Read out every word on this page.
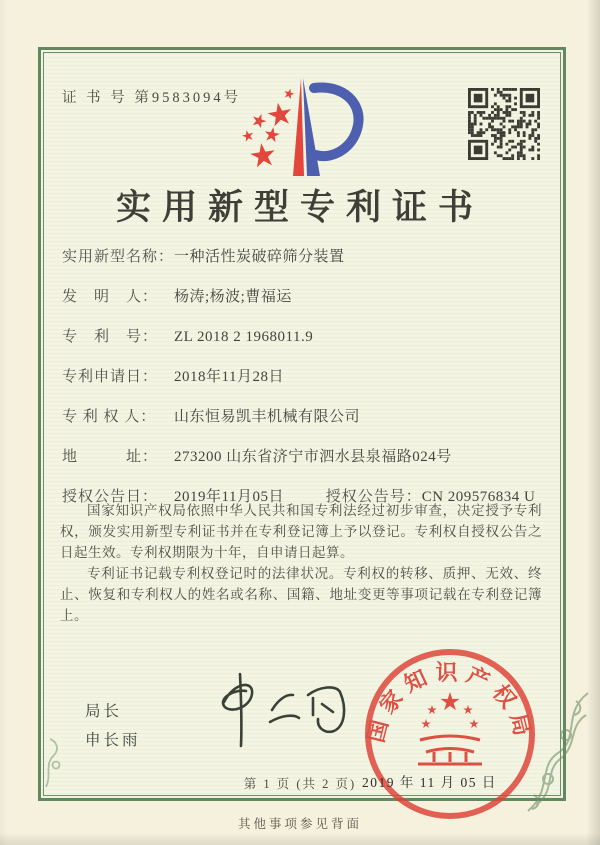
证 书 号 第9583094号
实用新型专利证书
实用新型名称：一种活性炭破碎筛分装置
发　明　人： 杨涛;杨波;曹福运
专　利　号： ZL 2018 2 1968011.9
专利申请日： 2018年11月28日
专 利 权 人： 山东恒易凯丰机械有限公司
地　　　址： 273200 山东省济宁市泗水县泉福路024号
授权公告日： 2019年11月05日	授权公告号：CN 209576834 U

国家知识产权局依照中华人民共和国专利法经过初步审查，决定授予专利权，颁发实用新型专利证书并在专利登记簿上予以登记。专利权自授权公告之日起生效。专利权期限为十年，自申请日起算。

专利证书记载专利权登记时的法律状况。专利权的转移、质押、无效、终止、恢复和专利权人的姓名或名称、国籍、地址变更等事项记载在专利登记簿上。

局长
申长雨	国家知识产权局
2019 年 11 月 05 日
第 1 页 (共 2 页)
其他事项参见背面
